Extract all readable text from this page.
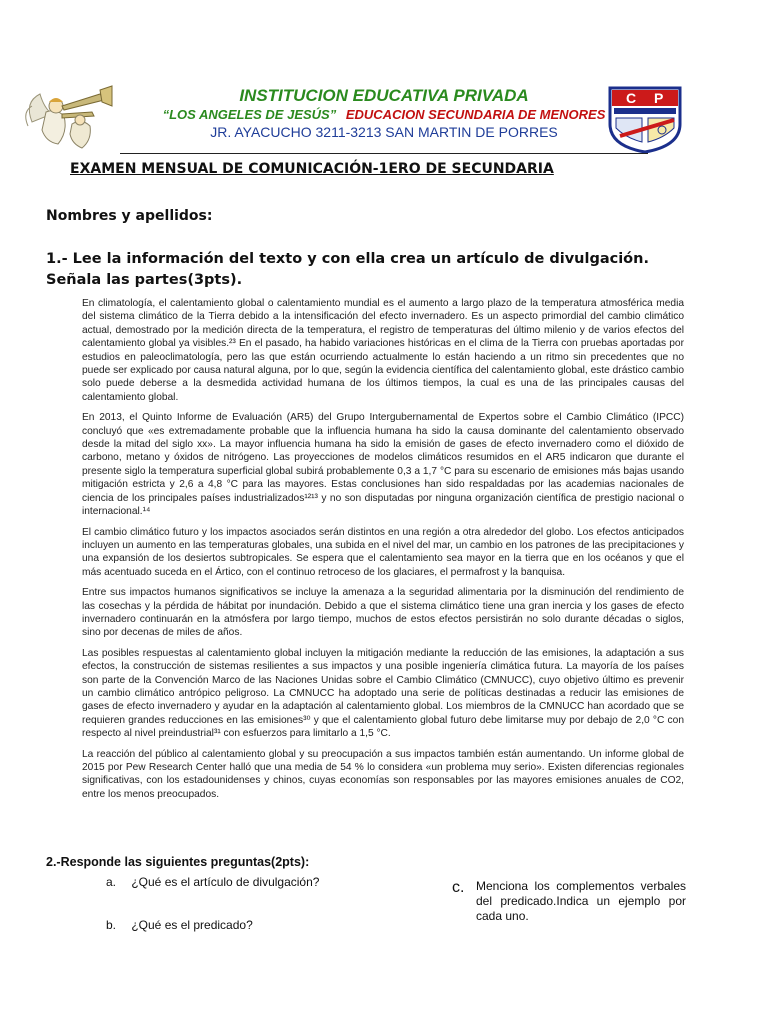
C P
INSTITUCION EDUCATIVA PRIVADA
“LOS ANGELES DE JESÚS” EDUCACION SECUNDARIA DE MENORES
JR. AYACUCHO 3211-3213 SAN MARTIN DE PORRES
EXAMEN MENSUAL DE COMUNICACIÓN-1ERO DE SECUNDARIA
Nombres y apellidos:
1.- Lee la información del texto y con ella crea un artículo de divulgación. Señala las partes(3pts).

En climatología, el calentamiento global o calentamiento mundial es el aumento a largo plazo de la temperatura atmosférica media del sistema climático de la Tierra debido a la intensificación del efecto invernadero. Es un aspecto primordial del cambio climático actual, demostrado por la medición directa de la temperatura, el registro de temperaturas del último milenio y de varios efectos del calentamiento global ya visibles.²³ En el pasado, ha habido variaciones históricas en el clima de la Tierra con pruebas aportadas por estudios en paleoclimatología, pero las que están ocurriendo actualmente lo están haciendo a un ritmo sin precedentes que no puede ser explicado por causa natural alguna, por lo que, según la evidencia científica del calentamiento global, este drástico cambio solo puede deberse a la desmedida actividad humana de los últimos tiempos, la cual es una de las principales causas del calentamiento global.

En 2013, el Quinto Informe de Evaluación (AR5) del Grupo Intergubernamental de Expertos sobre el Cambio Climático (IPCC) concluyó que «es extremadamente probable que la influencia humana ha sido la causa dominante del calentamiento observado desde la mitad del siglo xx». La mayor influencia humana ha sido la emisión de gases de efecto invernadero como el dióxido de carbono, metano y óxidos de nitrógeno. Las proyecciones de modelos climáticos resumidos en el AR5 indicaron que durante el presente siglo la temperatura superficial global subirá probablemente 0,3 a 1,7 °C para su escenario de emisiones más bajas usando mitigación estricta y 2,6 a 4,8 °C para las mayores. Estas conclusiones han sido respaldadas por las academias nacionales de ciencia de los principales países industrializados¹²¹³ y no son disputadas por ninguna organización científica de prestigio nacional o internacional.¹⁴

El cambio climático futuro y los impactos asociados serán distintos en una región a otra alrededor del globo. Los efectos anticipados incluyen un aumento en las temperaturas globales, una subida en el nivel del mar, un cambio en los patrones de las precipitaciones y una expansión de los desiertos subtropicales. Se espera que el calentamiento sea mayor en la tierra que en los océanos y que el más acentuado suceda en el Ártico, con el continuo retroceso de los glaciares, el permafrost y la banquisa.

Entre sus impactos humanos significativos se incluye la amenaza a la seguridad alimentaria por la disminución del rendimiento de las cosechas y la pérdida de hábitat por inundación. Debido a que el sistema climático tiene una gran inercia y los gases de efecto invernadero continuarán en la atmósfera por largo tiempo, muchos de estos efectos persistirán no solo durante décadas o siglos, sino por decenas de miles de años.

Las posibles respuestas al calentamiento global incluyen la mitigación mediante la reducción de las emisiones, la adaptación a sus efectos, la construcción de sistemas resilientes a sus impactos y una posible ingeniería climática futura. La mayoría de los países son parte de la Convención Marco de las Naciones Unidas sobre el Cambio Climático (CMNUCC), cuyo objetivo último es prevenir un cambio climático antrópico peligroso. La CMNUCC ha adoptado una serie de políticas destinadas a reducir las emisiones de gases de efecto invernadero y ayudar en la adaptación al calentamiento global. Los miembros de la CMNUCC han acordado que se requieren grandes reducciones en las emisiones³⁰ y que el calentamiento global futuro debe limitarse muy por debajo de 2,0 °C con respecto al nivel preindustrial³¹ con esfuerzos para limitarlo a 1,5 °C.

La reacción del público al calentamiento global y su preocupación a sus impactos también están aumentando. Un informe global de 2015 por Pew Research Center halló que una media de 54 % lo considera «un problema muy serio». Existen diferencias regionales significativas, con los estadounidenses y chinos, cuyas economías son responsables por las mayores emisiones anuales de CO2, entre los menos preocupados.

2.-Responde las siguientes preguntas(2pts):
a. ¿Qué es el artículo de divulgación?
b. ¿Qué es el predicado?
c. Menciona los complementos verbales del predicado.Indica un ejemplo por cada uno.
